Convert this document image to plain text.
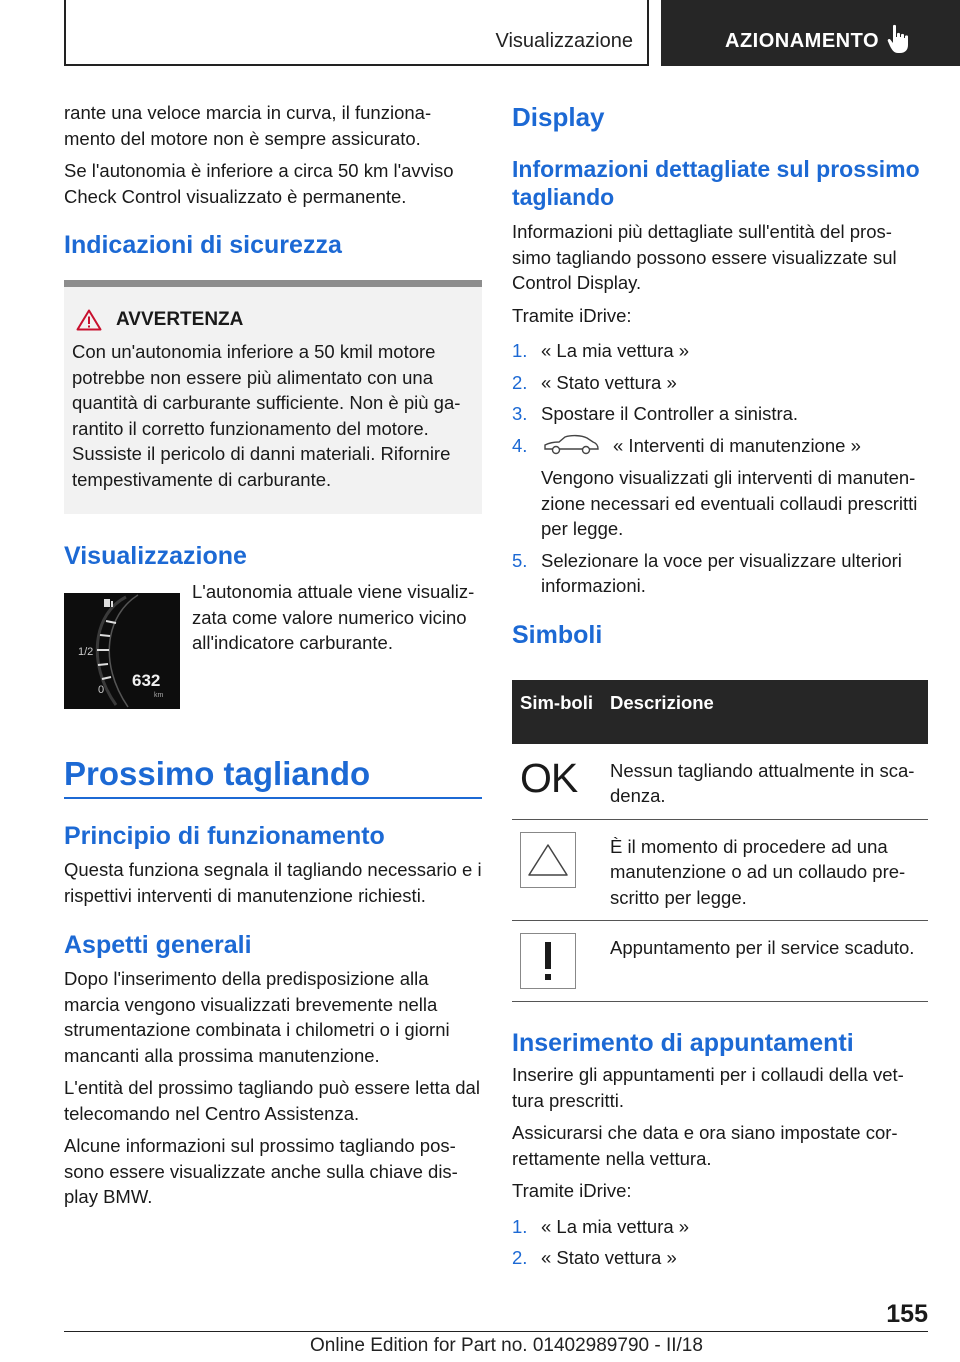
Visualizzazione	AZIONAMENTO

rante una veloce marcia in curva, il funziona-mento del motore non è sempre assicurato.

Se l'autonomia è inferiore a circa 50 km l'avviso Check Control visualizzato è permanente.

Indicazioni di sicurezza
AVVERTENZA

Con un'autonomia inferiore a 50 kmil motore potrebbe non essere più alimentato con una quantità di carburante sufficiente. Non è più ga-rantito il corretto funzionamento del motore. Sussiste il pericolo di danni materiali. Rifornire tempestivamente di carburante.

Visualizzazione
1/2
0 632
km

L'autonomia attuale viene visualiz-zata come valore numerico vicino all'indicatore carburante.

Prossimo tagliando
Principio di funzionamento

Questa funziona segnala il tagliando necessario e i rispettivi interventi di manutenzione richiesti.

Aspetti generali

Dopo l'inserimento della predisposizione alla marcia vengono visualizzati brevemente nella strumentazione combinata i chilometri o i giorni mancanti alla prossima manutenzione.

L'entità del prossimo tagliando può essere letta dal telecomando nel Centro Assistenza.

Alcune informazioni sul prossimo tagliando pos-sono essere visualizzate anche sulla chiave dis-play BMW.

Display
Informazioni dettagliate sul prossimo tagliando

Informazioni più dettagliate sull'entità del pros-simo tagliando possono essere visualizzate sul Control Display.

Tramite iDrive:

1. « La mia vettura »
2. « Stato vettura »
3. Spostare il Controller a sinistra.
4.	« Interventi di manutenzione »
Vengono visualizzati gli interventi di manuten-zione necessari ed eventuali collaudi prescritti per legge.
5. Selezionare la voce per visualizzare ulteriori informazioni.
Simboli
Sim-boli	Descrizione
OK	Nessun tagliando attualmente in sca-denza.

	È il momento di procedere ad una manutenzione o ad un collaudo pre-scritto per legge.

	Appuntamento per il service scaduto.
Inserimento di appuntamenti

Inserire gli appuntamenti per i collaudi della vet-tura prescritti.

Assicurarsi che data e ora siano impostate cor-rettamente nella vettura.

Tramite iDrive:

1. « La mia vettura »
2. « Stato vettura »
155
Online Edition for Part no. 01402989790 - II/18
